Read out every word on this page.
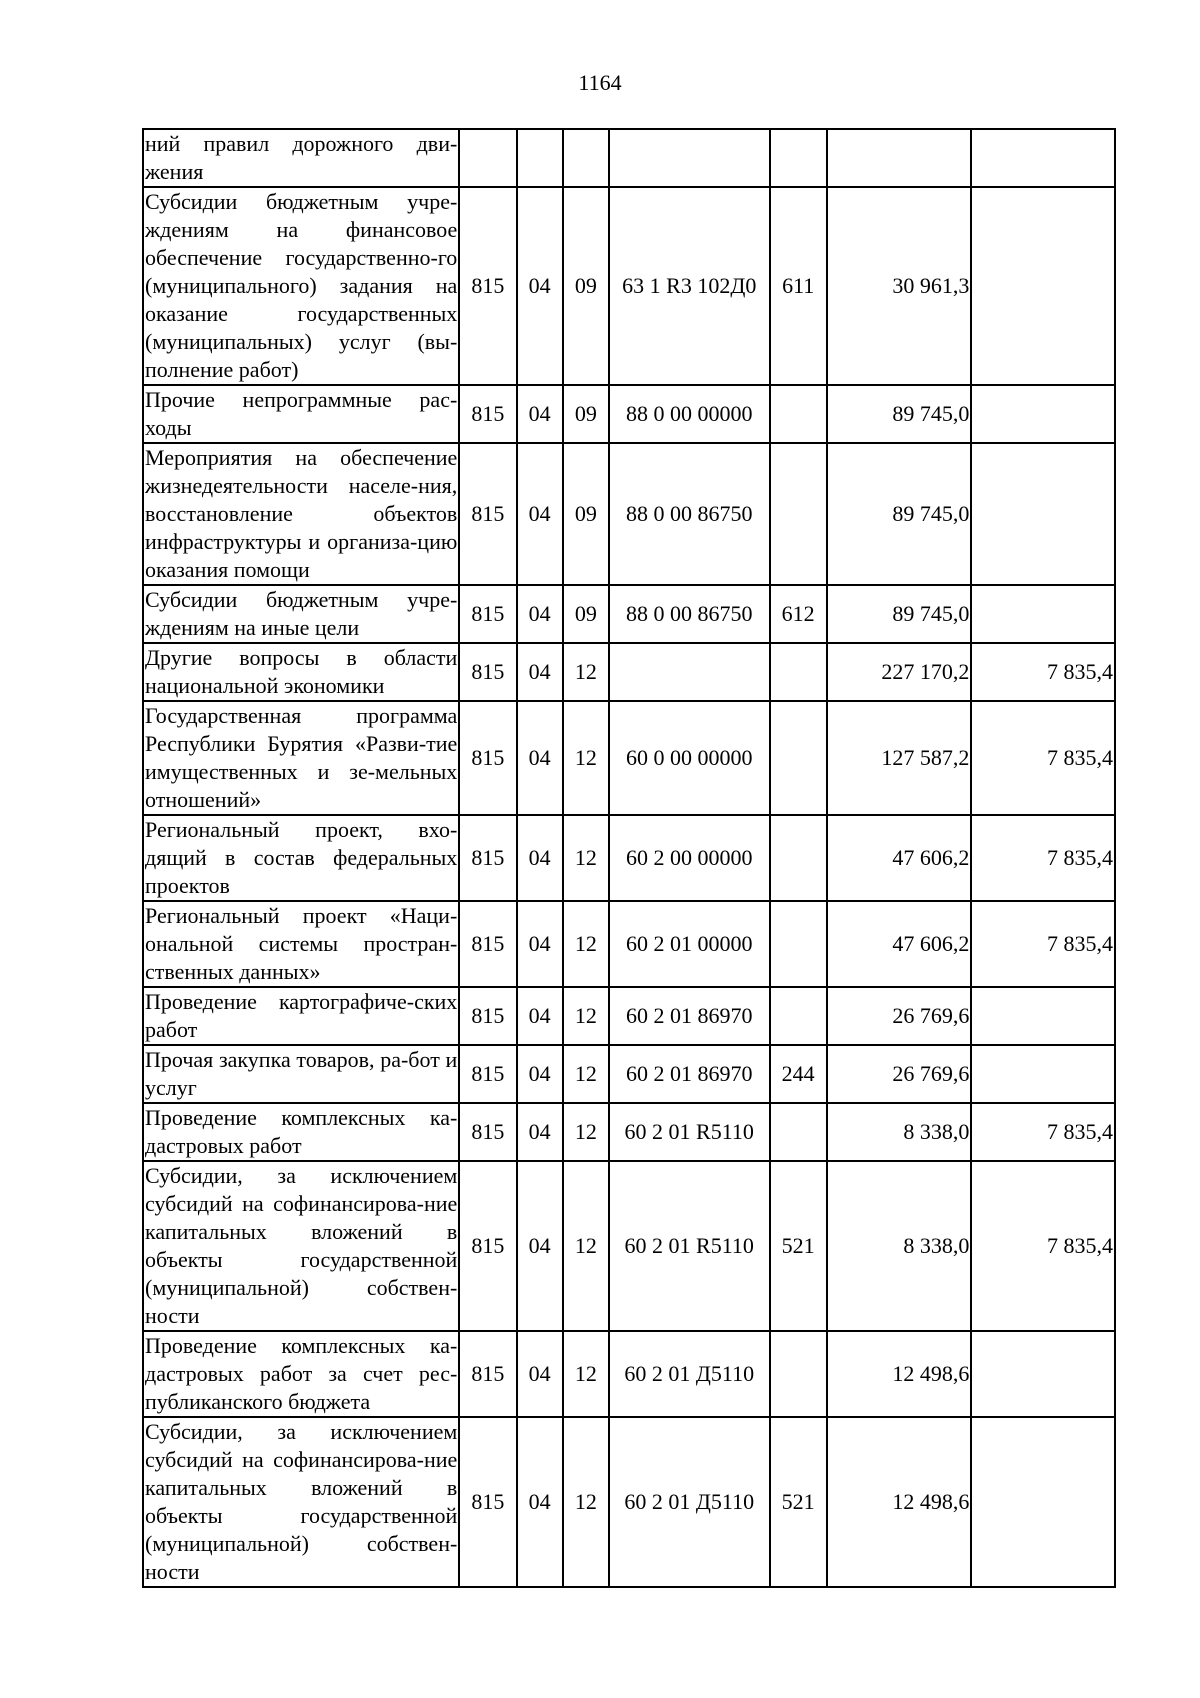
1164
ний правил дорожного дви-жения							
Субсидии бюджетным учре-ждениям на финансовое обеспечение государственно-го (муниципального) задания на оказание государственных (муниципальных) услуг (вы-полнение работ)	815	04	09	63 1 R3 102Д0	611	30 961,3	
Прочие непрограммные рас-ходы	815	04	09	88 0 00 00000		89 745,0	
Мероприятия на обеспечение жизнедеятельности населе-ния, восстановление объектов инфраструктуры и организа-цию оказания помощи	815	04	09	88 0 00 86750		89 745,0	
Субсидии бюджетным учре-ждениям на иные цели	815	04	09	88 0 00 86750	612	89 745,0	
Другие вопросы в области национальной экономики	815	04	12			227 170,2	7 835,4
Государственная программа Республики Бурятия «Разви-тие имущественных и зе-мельных отношений»	815	04	12	60 0 00 00000		127 587,2	7 835,4
Региональный проект, вхо-дящий в состав федеральных проектов	815	04	12	60 2 00 00000		47 606,2	7 835,4
Региональный проект «Наци-ональной системы простран-ственных данных»	815	04	12	60 2 01 00000		47 606,2	7 835,4
Проведение картографиче-ских работ	815	04	12	60 2 01 86970		26 769,6	
Прочая закупка товаров, ра-бот и услуг	815	04	12	60 2 01 86970	244	26 769,6	
Проведение комплексных ка-дастровых работ	815	04	12	60 2 01 R5110		8 338,0	7 835,4
Субсидии, за исключением субсидий на софинансирова-ние капитальных вложений в объекты государственной (муниципальной) собствен-ности	815	04	12	60 2 01 R5110	521	8 338,0	7 835,4
Проведение комплексных ка-дастровых работ за счет рес-публиканского бюджета	815	04	12	60 2 01 Д5110		12 498,6	
Субсидии, за исключением субсидий на софинансирова-ние капитальных вложений в объекты государственной (муниципальной) собствен-ности	815	04	12	60 2 01 Д5110	521	12 498,6	
